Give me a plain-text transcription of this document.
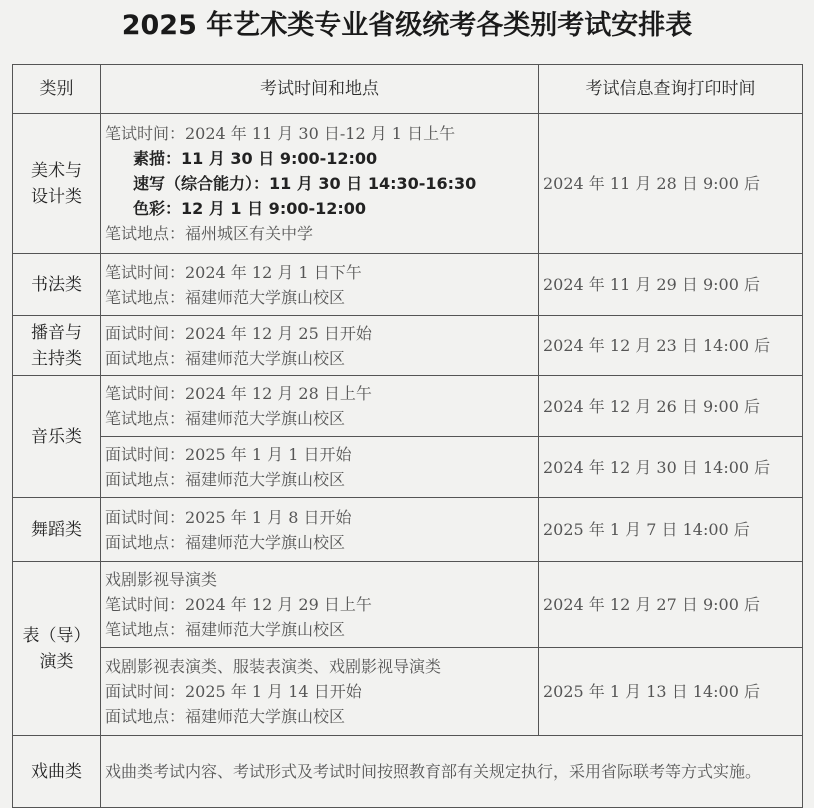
2025 年艺术类专业省级统考各类别考试安排表
类别	考试时间和地点	考试信息查询打印时间

美术与
设计类	笔试时间：2024 年 11 月 30 日-12 月 1 日上午
素描：11 月 30 日 9:00-12:00
速写（综合能力）：11 月 30 日 14:30-16:30
色彩：12 月 1 日 9:00-12:00
笔试地点：福州城区有关中学	2024 年 11 月 28 日 9:00 后
书法类	笔试时间：2024 年 12 月 1 日下午
笔试地点：福建师范大学旗山校区	2024 年 11 月 29 日 9:00 后

播音与
主持类	面试时间：2024 年 12 月 25 日开始
面试地点：福建师范大学旗山校区	2024 年 12 月 23 日 14:00 后
音乐类	笔试时间：2024 年 12 月 28 日上午
笔试地点：福建师范大学旗山校区	2024 年 12 月 26 日 9:00 后

	面试时间：2025 年 1 月 1 日开始
面试地点：福建师范大学旗山校区	2024 年 12 月 30 日 14:00 后
舞蹈类	面试时间：2025 年 1 月 8 日开始
面试地点：福建师范大学旗山校区	2025 年 1 月 7 日 14:00 后

表（导）
演类	戏剧影视导演类
笔试时间：2024 年 12 月 29 日上午
笔试地点：福建师范大学旗山校区	2024 年 12 月 27 日 9:00 后

	戏剧影视表演类、服装表演类、戏剧影视导演类
面试时间：2025 年 1 月 14 日开始
面试地点：福建师范大学旗山校区	2025 年 1 月 13 日 14:00 后
戏曲类	戏曲类考试内容、考试形式及考试时间按照教育部有关规定执行，采用省际联考等方式实施。	
